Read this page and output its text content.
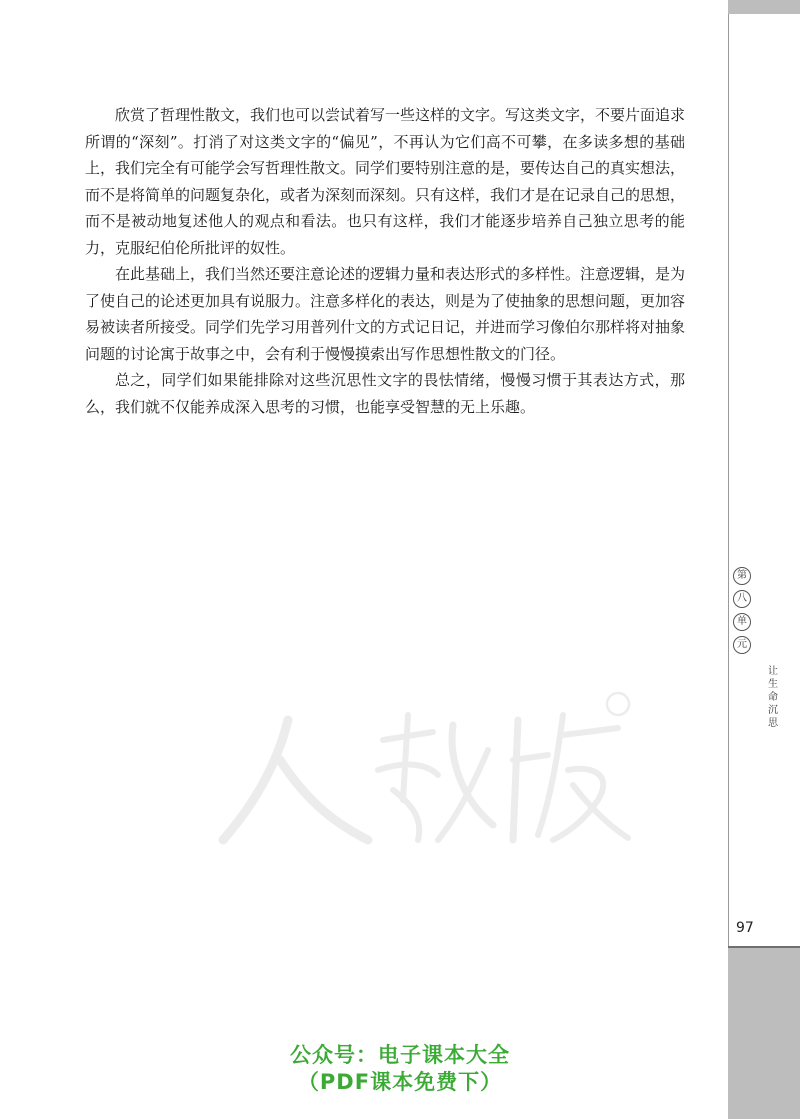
欣赏了哲理性散文，我们也可以尝试着写一些这样的文字。写这类文字，不要片面追求所谓的“深刻”。打消了对这类文字的“偏见”，不再认为它们高不可攀，在多读多想的基础上，我们完全有可能学会写哲理性散文。同学们要特别注意的是，要传达自己的真实想法，而不是将简单的问题复杂化，或者为深刻而深刻。只有这样，我们才是在记录自己的思想，而不是被动地复述他人的观点和看法。也只有这样，我们才能逐步培养自己独立思考的能力，克服纪伯伦所批评的奴性。

在此基础上，我们当然还要注意论述的逻辑力量和表达形式的多样性。注意逻辑，是为了使自己的论述更加具有说服力。注意多样化的表达，则是为了使抽象的思想问题，更加容易被读者所接受。同学们先学习用普列什文的方式记日记，并进而学习像伯尔那样将对抽象问题的讨论寓于故事之中，会有利于慢慢摸索出写作思想性散文的门径。

总之，同学们如果能排除对这些沉思性文字的畏怯情绪，慢慢习惯于其表达方式，那么，我们就不仅能养成深入思考的习惯，也能享受智慧的无上乐趣。

第
八
单
元
让生命沉思
97
公众号：电子课本大全
（PDF课本免费下）
